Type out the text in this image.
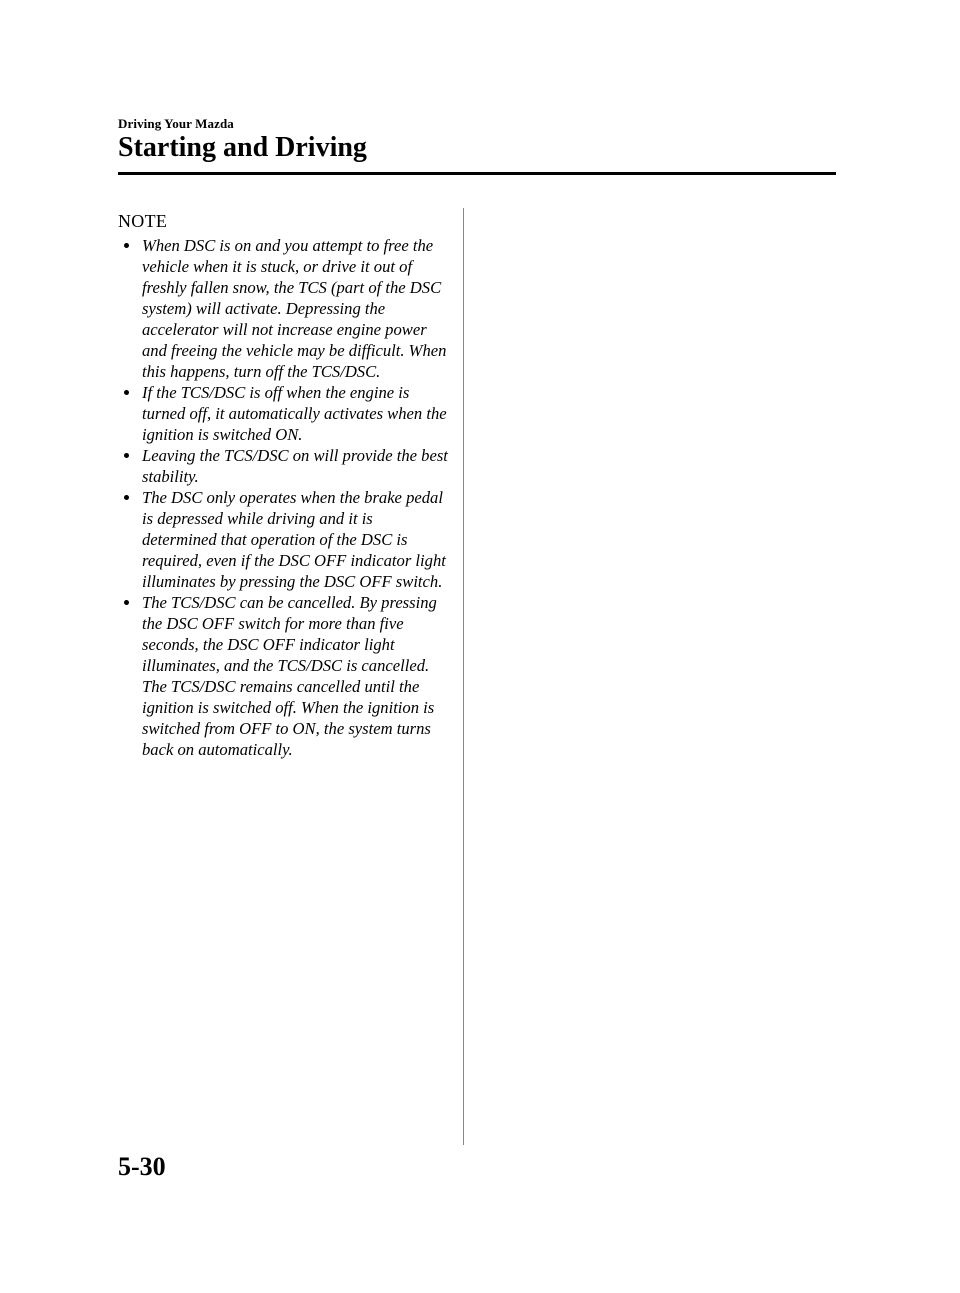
Driving Your Mazda
Starting and Driving
NOTE
When DSC is on and you attempt to free the vehicle when it is stuck, or drive it out of freshly fallen snow, the TCS (part of the DSC system) will activate. Depressing the accelerator will not increase engine power and freeing the vehicle may be difficult. When this happens, turn off the TCS/DSC.
If the TCS/DSC is off when the engine is turned off, it automatically activates when the ignition is switched ON.
Leaving the TCS/DSC on will provide the best stability.
The DSC only operates when the brake pedal is depressed while driving and it is determined that operation of the DSC is required, even if the DSC OFF indicator light illuminates by pressing the DSC OFF switch.
The TCS/DSC can be cancelled. By pressing the DSC OFF switch for more than five seconds, the DSC OFF indicator light illuminates, and the TCS/DSC is cancelled.
The TCS/DSC remains cancelled until the ignition is switched off. When the ignition is switched from OFF to ON, the system turns back on automatically.
5-30
